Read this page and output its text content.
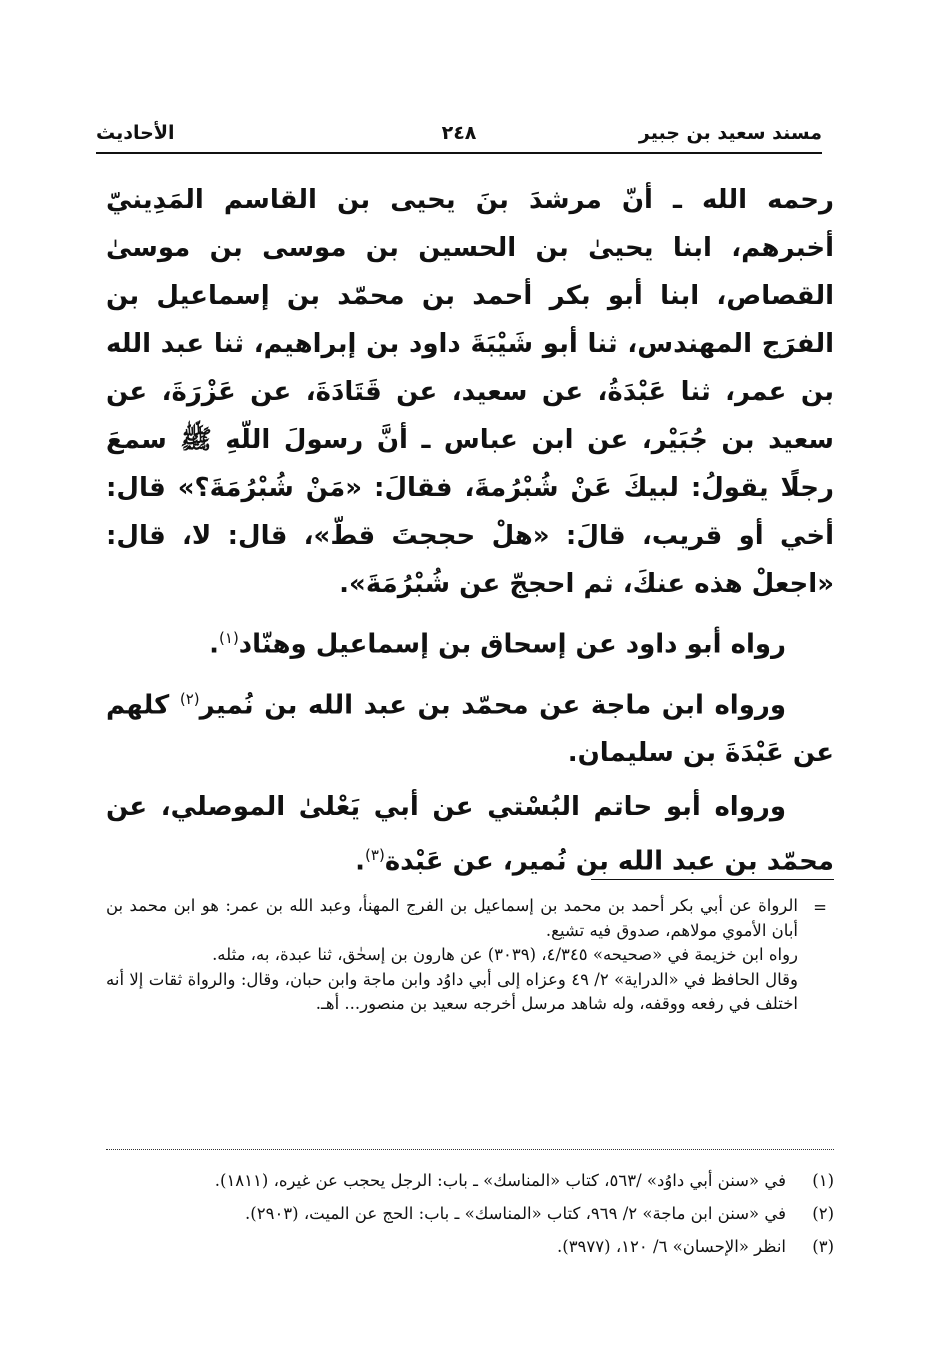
مسند سعيد بن جبير
٢٤٨
الأحاديث

رحمه الله ـ أنّ مرشدَ بنَ يحيى بن القاسم المَدِينيّ أخبرهم، ابنا يحيىٰ بن الحسين بن موسى بن موسىٰ القصاص، ابنا أبو بكر أحمد بن محمّد بن إسماعيل بن الفرَج المهندس، ثنا أبو شَيْبَةَ داود بن إبراهيم، ثنا عبد الله بن عمر، ثنا عَبْدَةُ، عن سعيد، عن قَتَادَةَ، عن عَزْرَةَ، عن سعيد بن جُبَيْر، عن ابن عباس ـ أنَّ رسولَ اللّهِ ﷺ سمعَ رجلًا يقولُ: لبيكَ عَنْ شُبْرُمةَ، فقالَ: «مَنْ شُبْرُمَةَ؟» قال: أخي أو قريب، قالَ: «هلْ حججتَ قطّ»، قال: لا، قال: «اجعلْ هذه عنكَ، ثم احججّ عن شُبْرُمَةَ».

رواه أبو داود عن إسحاق بن إسماعيل وهنّاد$^{(١)}$.

ورواه ابن ماجة عن محمّد بن عبد الله بن نُمير$^{(٢)}$ كلهم عن عَبْدَةَ بن سليمان.

ورواه أبو حاتم البُسْتي عن أبي يَعْلىٰ الموصلي، عن محمّد بن عبد الله بن نُمير، عن عَبْدة$^{(٣)}$.

=

الرواة عن أبي بكر أحمد بن محمد بن إسماعيل بن الفرج المهنأ، وعبد الله بن عمر: هو ابن محمد بن أبان الأموي مولاهم، صدوق فيه تشيع.

رواه ابن خزيمة في «صحيحه» ٤/٣٤٥، (٣٠٣٩) عن هارون بن إسحٰق، ثنا عبدة، به، مثله.

وقال الحافظ في «الدراية» ٢/ ٤٩ وعزاه إلى أبي داوُد وابن ماجة وابن حبان، وقال: والرواة ثقات إلا أنه اختلف في رفعه ووقفه، وله شاهد مرسل أخرجه سعيد بن منصور... أهـ.

(١)
في «سنن أبي داوُد» /٥٦٣، كتاب «المناسك» ـ باب: الرجل يحجب عن غيره، (١٨١١).
(٢)
في «سنن ابن ماجة» ٢/ ٩٦٩، كتاب «المناسك» ـ باب: الحج عن الميت، (٢٩٠٣).
(٣)
انظر «الإحسان» ٦/ ١٢٠، (٣٩٧٧).
